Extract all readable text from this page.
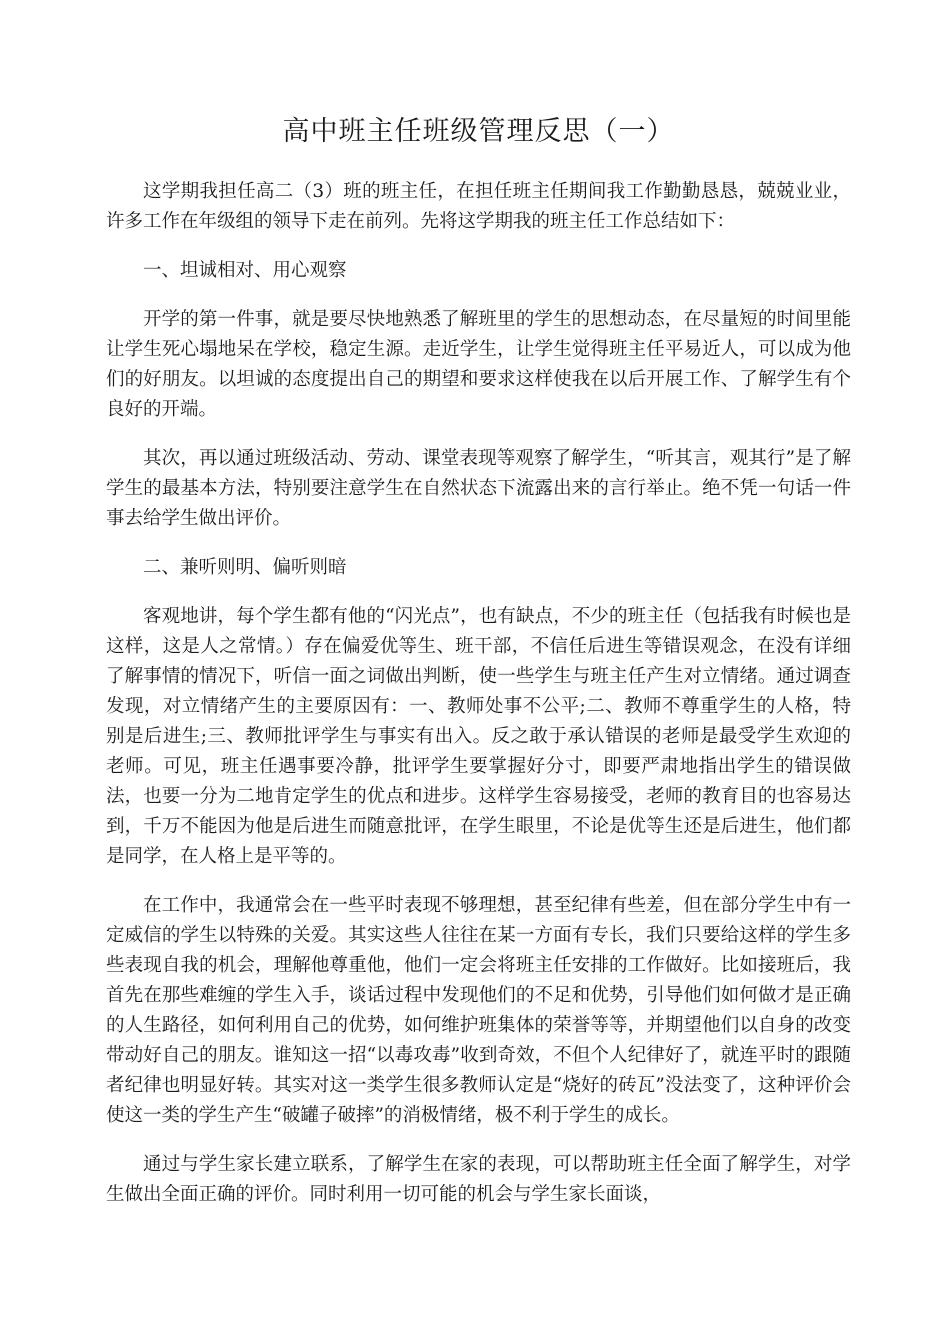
高中班主任班级管理反思（一）

这学期我担任高二（3）班的班主任，在担任班主任期间我工作勤勤恳恳，兢兢业业，许多工作在年级组的领导下走在前列。先将这学期我的班主任工作总结如下：

一、坦诚相对、用心观察

开学的第一件事，就是要尽快地熟悉了解班里的学生的思想动态，在尽量短的时间里能让学生死心塌地呆在学校，稳定生源。走近学生，让学生觉得班主任平易近人，可以成为他们的好朋友。以坦诚的态度提出自己的期望和要求这样使我在以后开展工作、了解学生有个良好的开端。

其次，再以通过班级活动、劳动、课堂表现等观察了解学生，“听其言，观其行”是了解学生的最基本方法，特别要注意学生在自然状态下流露出来的言行举止。绝不凭一句话一件事去给学生做出评价。

二、兼听则明、偏听则暗

客观地讲，每个学生都有他的“闪光点”，也有缺点，不少的班主任（包括我有时候也是这样，这是人之常情。）存在偏爱优等生、班干部，不信任后进生等错误观念，在没有详细了解事情的情况下，听信一面之词做出判断，使一些学生与班主任产生对立情绪。通过调查发现，对立情绪产生的主要原因有：一、教师处事不公平;二、教师不尊重学生的人格，特别是后进生;三、教师批评学生与事实有出入。反之敢于承认错误的老师是最受学生欢迎的老师。可见，班主任遇事要冷静，批评学生要掌握好分寸，即要严肃地指出学生的错误做法，也要一分为二地肯定学生的优点和进步。这样学生容易接受，老师的教育目的也容易达到，千万不能因为他是后进生而随意批评，在学生眼里，不论是优等生还是后进生，他们都是同学，在人格上是平等的。

在工作中，我通常会在一些平时表现不够理想，甚至纪律有些差，但在部分学生中有一定威信的学生以特殊的关爱。其实这些人往往在某一方面有专长，我们只要给这样的学生多些表现自我的机会，理解他尊重他，他们一定会将班主任安排的工作做好。比如接班后，我首先在那些难缠的学生入手，谈话过程中发现他们的不足和优势，引导他们如何做才是正确的人生路径，如何利用自己的优势，如何维护班集体的荣誉等等，并期望他们以自身的改变带动好自己的朋友。谁知这一招“以毒攻毒”收到奇效，不但个人纪律好了，就连平时的跟随者纪律也明显好转。其实对这一类学生很多教师认定是“烧好的砖瓦”没法变了，这种评价会使这一类的学生产生“破罐子破摔”的消极情绪，极不利于学生的成长。

通过与学生家长建立联系，了解学生在家的表现，可以帮助班主任全面了解学生，对学生做出全面正确的评价。同时利用一切可能的机会与学生家长面谈，
